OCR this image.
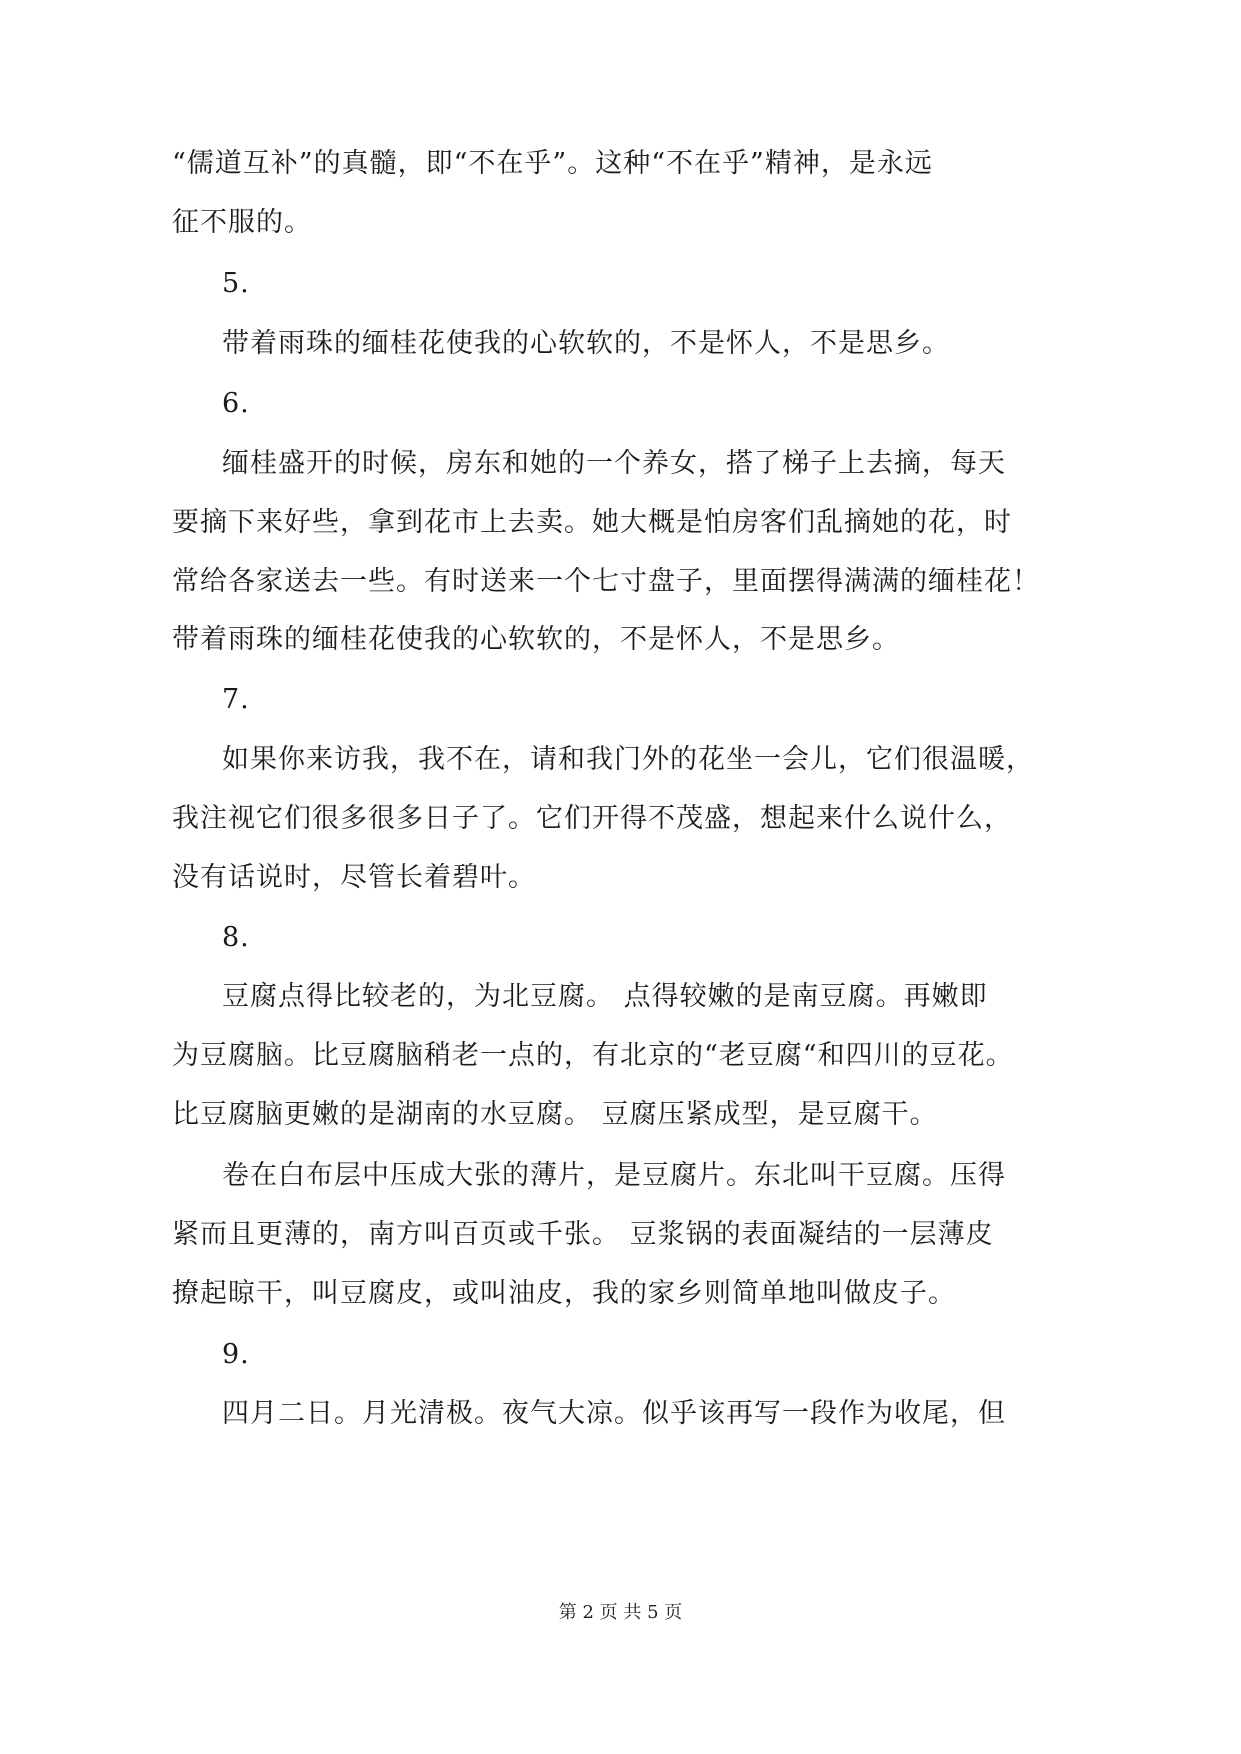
“儒道互补”的真髓，即“不在乎”。这种“不在乎”精神，是永远
征不服的。
5.
带着雨珠的缅桂花使我的心软软的，不是怀人，不是思乡。
6.
缅桂盛开的时候，房东和她的一个养女，搭了梯子上去摘，每天
要摘下来好些，拿到花市上去卖。她大概是怕房客们乱摘她的花，时
常给各家送去一些。有时送来一个七寸盘子，里面摆得满满的缅桂花！
带着雨珠的缅桂花使我的心软软的，不是怀人，不是思乡。
7.
如果你来访我，我不在，请和我门外的花坐一会儿，它们很温暖，
我注视它们很多很多日子了。它们开得不茂盛，想起来什么说什么，
没有话说时，尽管长着碧叶。
8.
豆腐点得比较老的，为北豆腐。 点得较嫩的是南豆腐。再嫩即
为豆腐脑。比豆腐脑稍老一点的，有北京的“老豆腐“和四川的豆花。
比豆腐脑更嫩的是湖南的水豆腐。 豆腐压紧成型，是豆腐干。
卷在白布层中压成大张的薄片，是豆腐片。东北叫干豆腐。压得
紧而且更薄的，南方叫百页或千张。 豆浆锅的表面凝结的一层薄皮
撩起晾干，叫豆腐皮，或叫油皮，我的家乡则简单地叫做皮子。
9.
四月二日。月光清极。夜气大凉。似乎该再写一段作为收尾，但
第 2 页 共 5 页
